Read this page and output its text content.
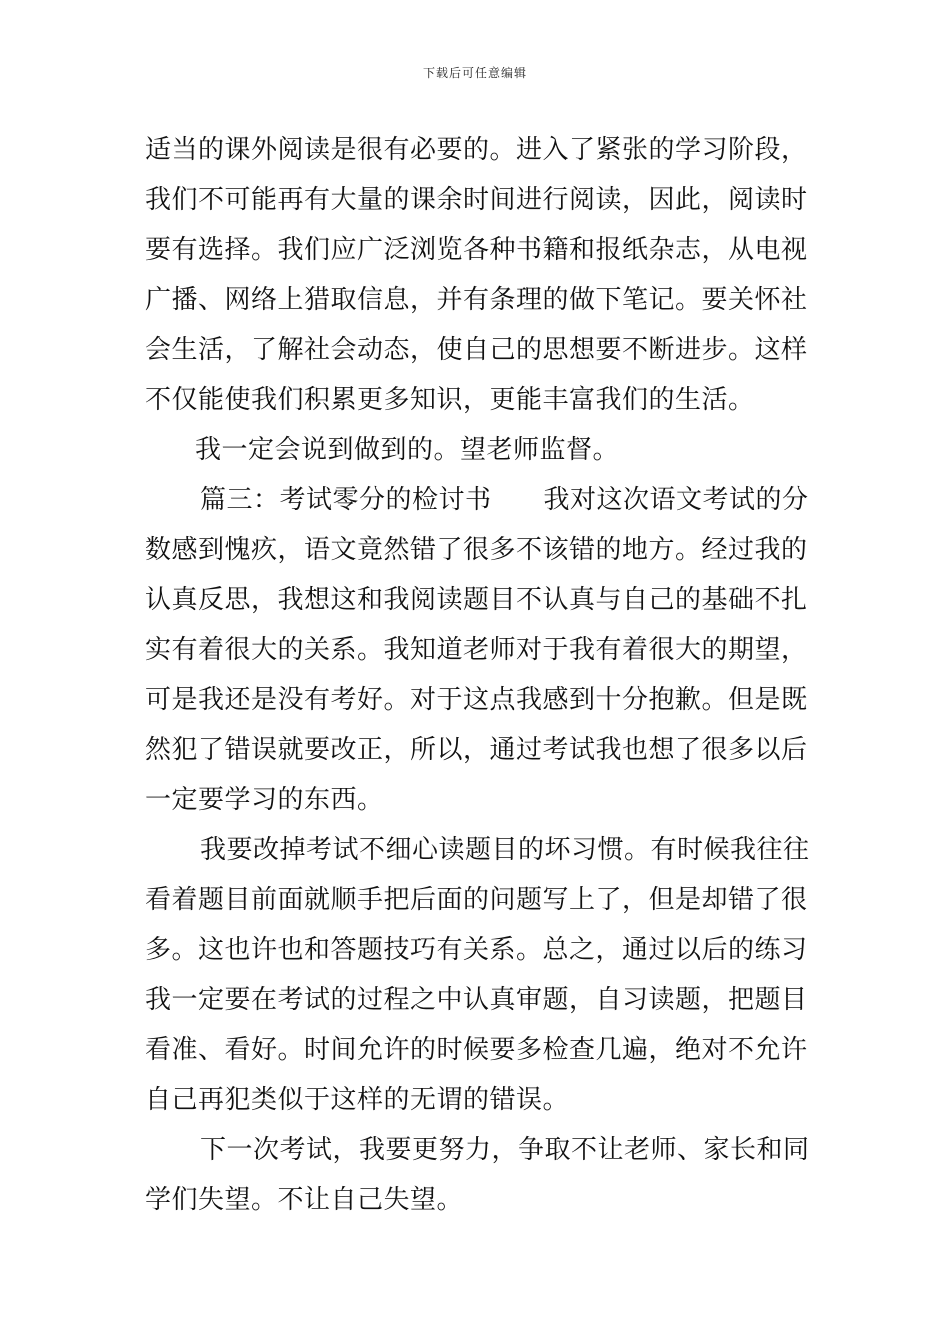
下载后可任意编辑
适当的课外阅读是很有必要的。进入了紧张的学习阶段，
我们不可能再有大量的课余时间进行阅读，因此，阅读时
要有选择。我们应广泛浏览各种书籍和报纸杂志，从电视
广播、网络上猎取信息，并有条理的做下笔记。要关怀社
会生活，了解社会动态，使自己的思想要不断进步。这样
不仅能使我们积累更多知识，更能丰富我们的生活。
我一定会说到做到的。望老师监督。
篇三：考试零分的检讨书 我对这次语文考试的分
数感到愧疚，语文竟然错了很多不该错的地方。经过我的
认真反思，我想这和我阅读题目不认真与自己的基础不扎
实有着很大的关系。我知道老师对于我有着很大的期望，
可是我还是没有考好。对于这点我感到十分抱歉。但是既
然犯了错误就要改正，所以，通过考试我也想了很多以后
一定要学习的东西。
我要改掉考试不细心读题目的坏习惯。有时候我往往
看着题目前面就顺手把后面的问题写上了，但是却错了很
多。这也许也和答题技巧有关系。总之，通过以后的练习
我一定要在考试的过程之中认真审题，自习读题，把题目
看准、看好。时间允许的时候要多检查几遍，绝对不允许
自己再犯类似于这样的无谓的错误。
下一次考试，我要更努力，争取不让老师、家长和同
学们失望。不让自己失望。
